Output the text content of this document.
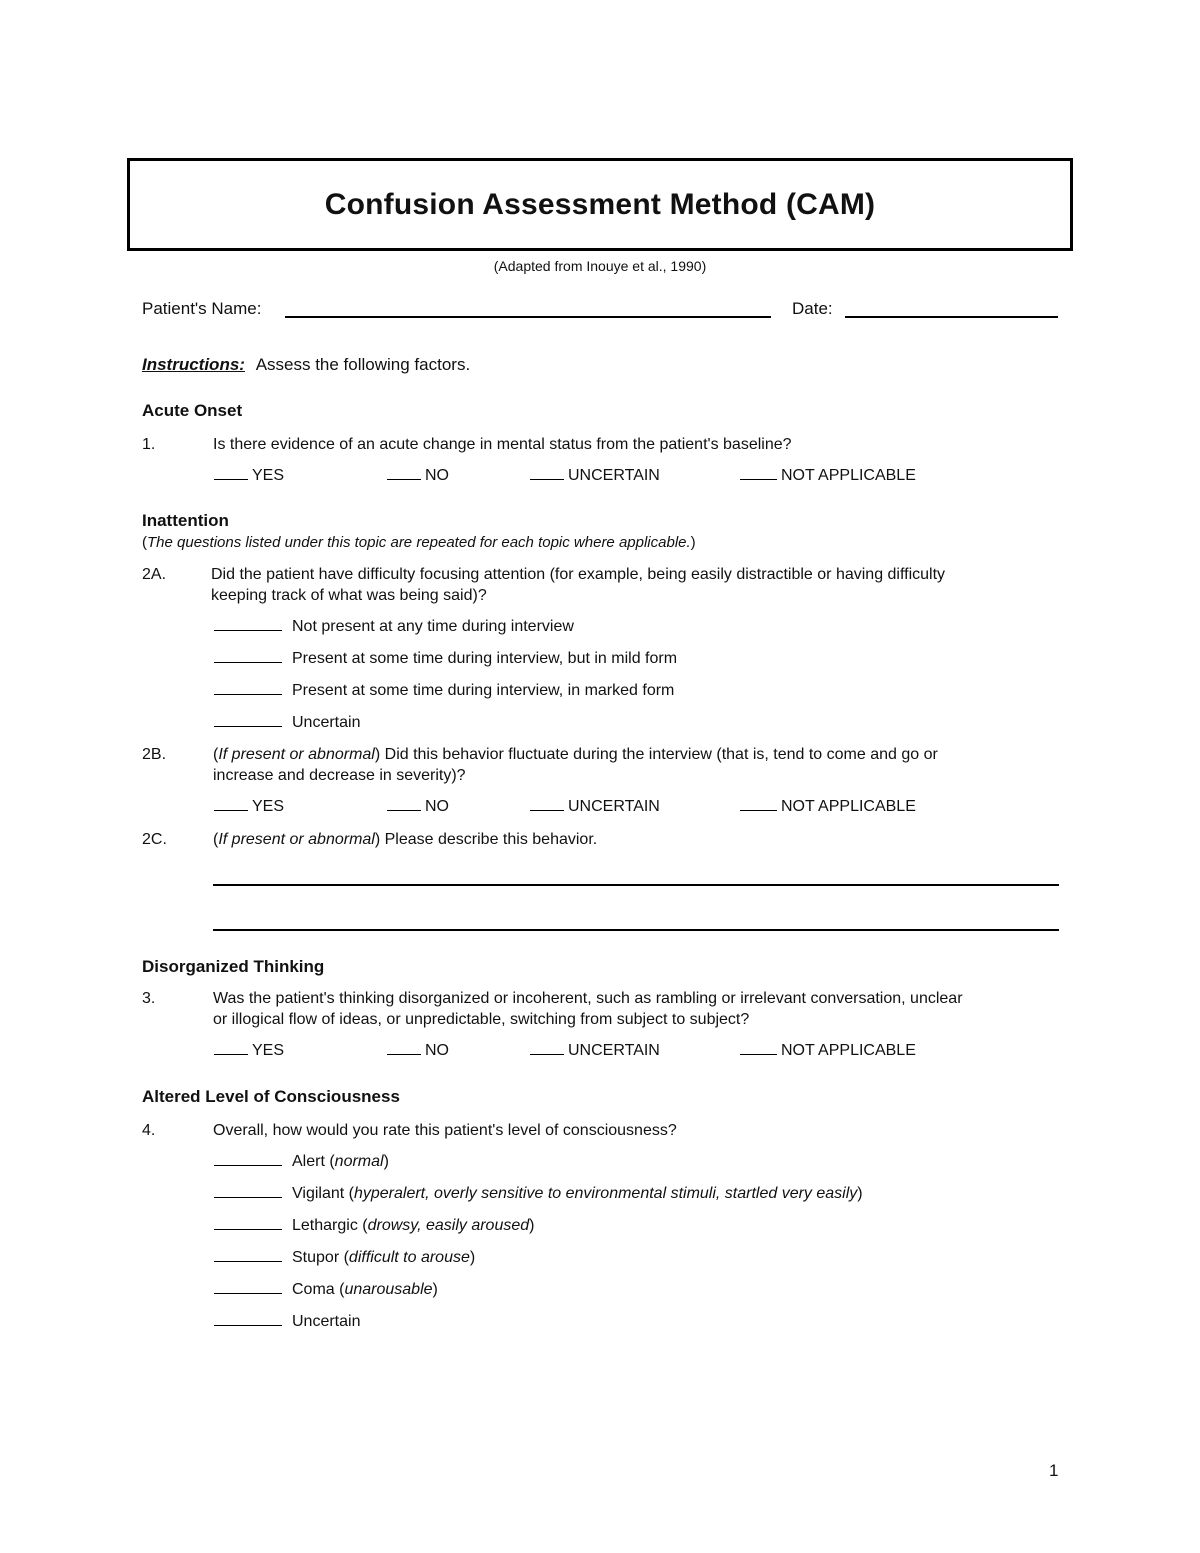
Confusion Assessment Method (CAM)
(Adapted from Inouye et al., 1990)
Patient's Name:	Date:
Instructions: Assess the following factors.
Acute Onset
1.	Is there evidence of an acute change in mental status from the patient's baseline?
YES	NO	UNCERTAIN	NOT APPLICABLE
Inattention
(The questions listed under this topic are repeated for each topic where applicable.)
2A.	Did the patient have difficulty focusing attention (for example, being easily distractible or having difficulty
keeping track of what was being said)?
Not present at any time during interview
Present at some time during interview, but in mild form
Present at some time during interview, in marked form
Uncertain
2B.	(If present or abnormal) Did this behavior fluctuate during the interview (that is, tend to come and go or
increase and decrease in severity)?
YES	NO	UNCERTAIN	NOT APPLICABLE
2C.	(If present or abnormal) Please describe this behavior.
Disorganized Thinking
3.	Was the patient's thinking disorganized or incoherent, such as rambling or irrelevant conversation, unclear
or illogical flow of ideas, or unpredictable, switching from subject to subject?
YES	NO	UNCERTAIN	NOT APPLICABLE
Altered Level of Consciousness
4.	Overall, how would you rate this patient's level of consciousness?
Alert (normal)
Vigilant (hyperalert, overly sensitive to environmental stimuli, startled very easily)
Lethargic (drowsy, easily aroused)
Stupor (difficult to arouse)
Coma (unarousable)
Uncertain
1
